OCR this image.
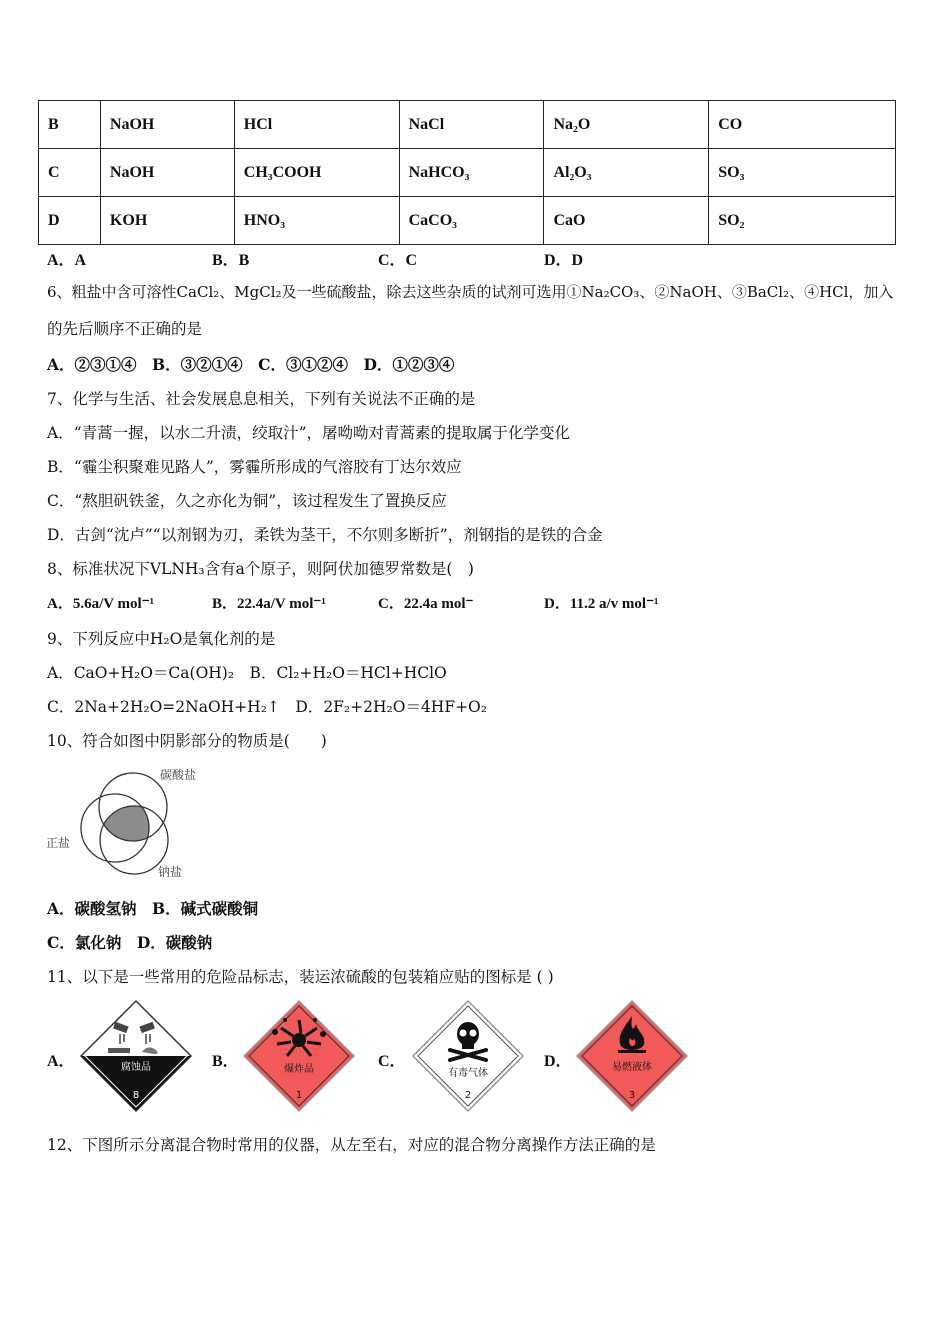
B	NaOH	HCl	NaCl	Na₂O	CO
C	NaOH	CH₃COOH	NaHCO₃	Al₂O₃	SO₃
D	KOH	HNO₃	CaCO₃	CaO	SO₂
A．A	B．B	C．C	D．D
6、粗盐中含可溶性CaCl₂、MgCl₂及一些硫酸盐，除去这些杂质的试剂可选用①Na₂CO₃、②NaOH、③BaCl₂、④HCl，加入
的先后顺序不正确的是
A．②③①④　B．③②①④　C．③①②④　D．①②③④
7、化学与生活、社会发展息息相关，下列有关说法不正确的是
A．“青蒿一握，以水二升渍，绞取汁”，屠呦呦对青蒿素的提取属于化学变化
B．“霾尘积聚难见路人”，雾霾所形成的气溶胶有丁达尔效应
C．“熬胆矾铁釜，久之亦化为铜”，该过程发生了置换反应
D．古剑“沈卢”“以剂钢为刃，柔铁为茎干，不尔则多断折”，剂钢指的是铁的合金
8、标准状况下VLNH₃含有a个原子，则阿伏加德罗常数是(　)
A．5.6a/V mol⁻¹	B．22.4a/V mol⁻¹	C．22.4a mol⁻	D．11.2 a/v mol⁻¹
9、下列反应中H₂O是氧化剂的是
A．CaO+H₂O＝Ca(OH)₂　B．Cl₂+H₂O＝HCl+HClO
C．2Na+2H₂O=2NaOH+H₂↑　D．2F₂+2H₂O＝4HF+O₂
10、符合如图中阴影部分的物质是(　　)
碳酸盐
正盐
钠盐
A．碳酸氢钠　B．碱式碳酸铜
C．氯化钠　D．碳酸钠
11、以下是一些常用的危险品标志，装运浓硫酸的包装箱应贴的图标是 ( )
A．	B．	C．	D．
腐蚀品
8
爆炸品
1
有毒气体
2
易燃液体
3
12、下图所示分离混合物时常用的仪器，从左至右，对应的混合物分离操作方法正确的是
